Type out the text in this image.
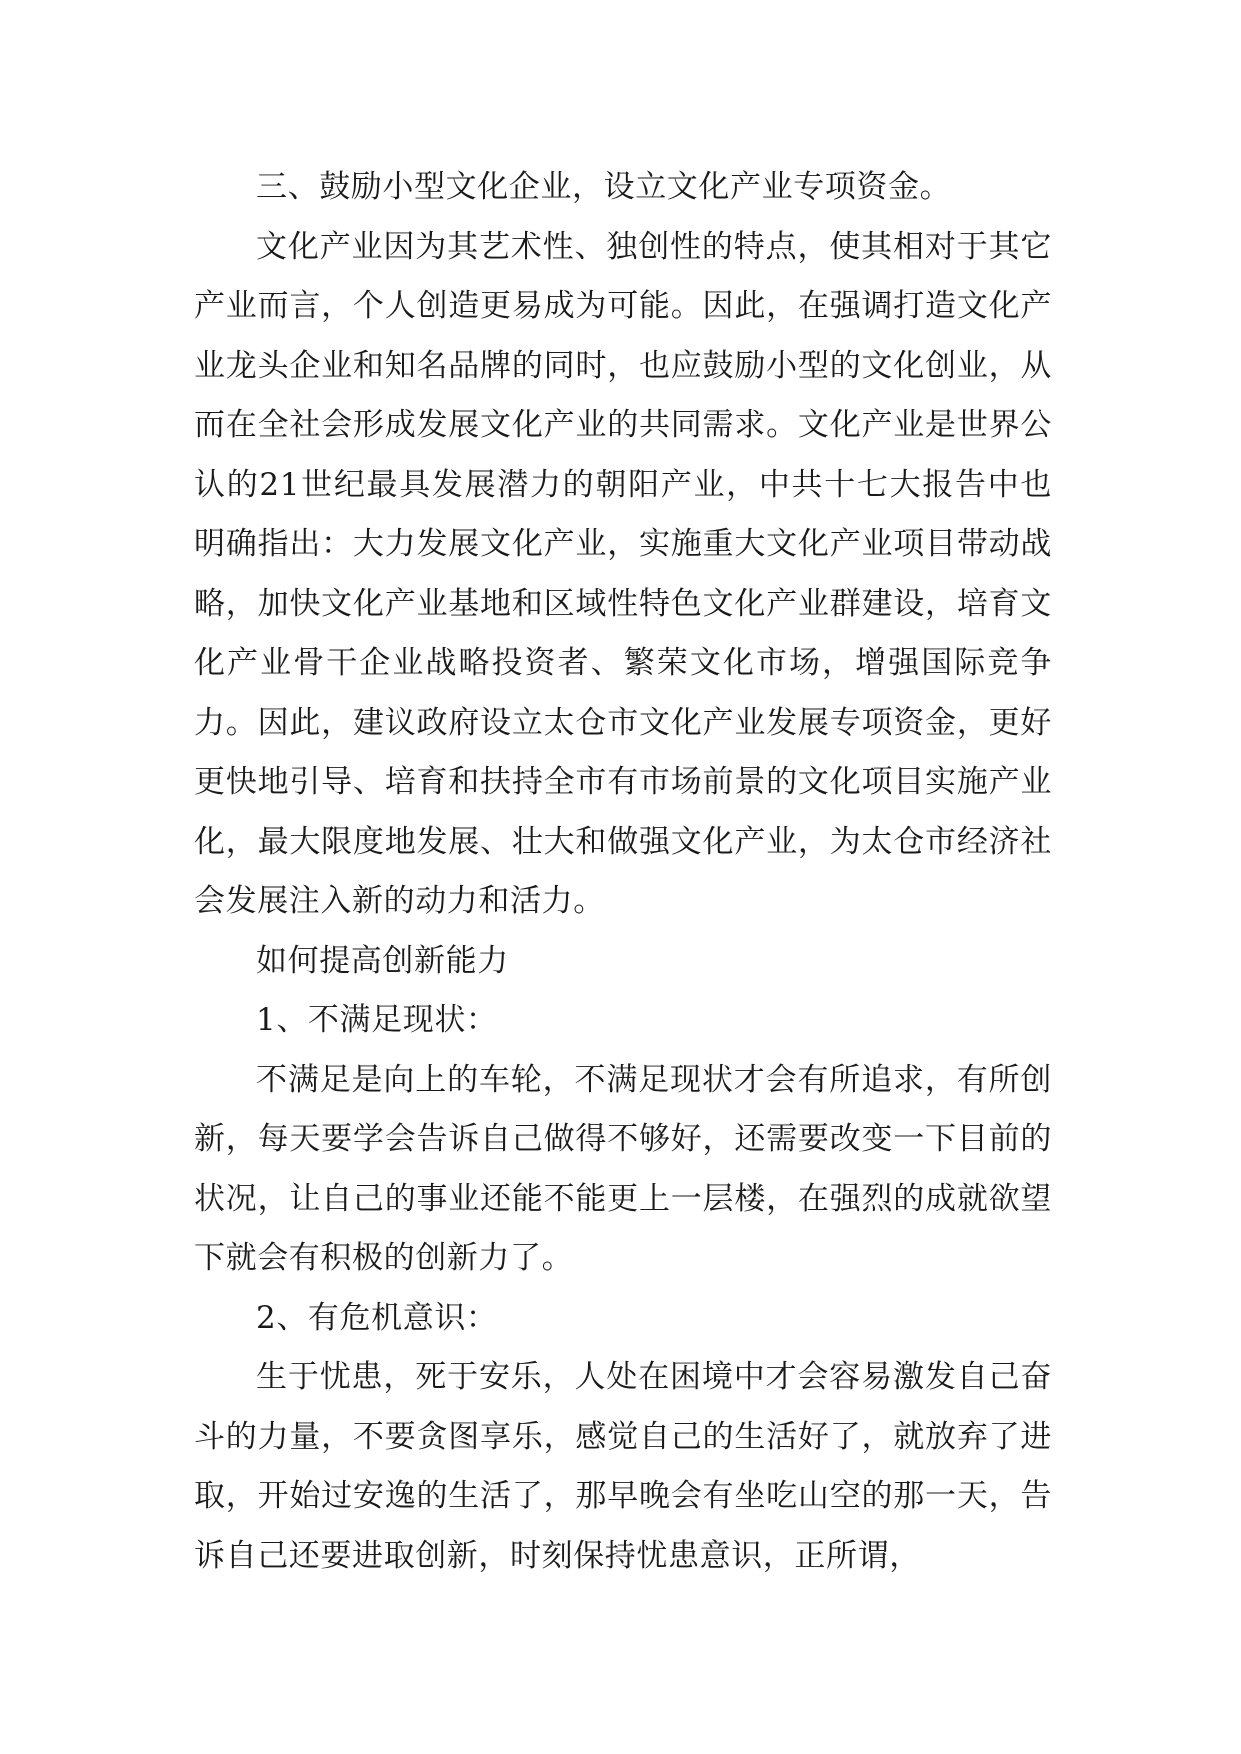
三、鼓励小型文化企业，设立文化产业专项资金。

文化产业因为其艺术性、独创性的特点，使其相对于其它产业而言，个人创造更易成为可能。因此，在强调打造文化产业龙头企业和知名品牌的同时，也应鼓励小型的文化创业，从而在全社会形成发展文化产业的共同需求。文化产业是世界公认的21世纪最具发展潜力的朝阳产业，中共十七大报告中也明确指出：大力发展文化产业，实施重大文化产业项目带动战略，加快文化产业基地和区域性特色文化产业群建设，培育文化产业骨干企业战略投资者、繁荣文化市场，增强国际竞争力。因此，建议政府设立太仓市文化产业发展专项资金，更好更快地引导、培育和扶持全市有市场前景的文化项目实施产业化，最大限度地发展、壮大和做强文化产业，为太仓市经济社会发展注入新的动力和活力。

如何提高创新能力

1、不满足现状：

不满足是向上的车轮，不满足现状才会有所追求，有所创新，每天要学会告诉自己做得不够好，还需要改变一下目前的状况，让自己的事业还能不能更上一层楼，在强烈的成就欲望下就会有积极的创新力了。

2、有危机意识：

生于忧患，死于安乐，人处在困境中才会容易激发自己奋斗的力量，不要贪图享乐，感觉自己的生活好了，就放弃了进取，开始过安逸的生活了，那早晚会有坐吃山空的那一天，告诉自己还要进取创新，时刻保持忧患意识，正所谓，
